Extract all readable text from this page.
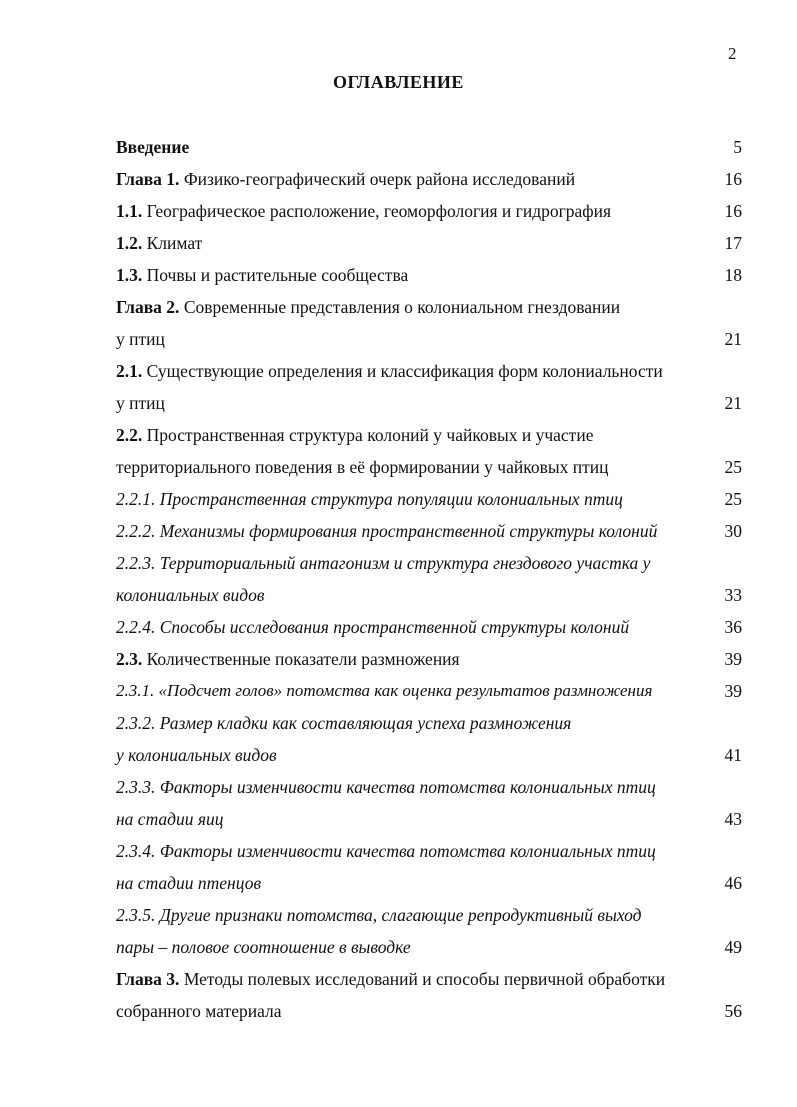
2
ОГЛАВЛЕНИЕ
Введение	5
Глава 1. Физико-географический очерк района исследований	16
1.1. Географическое расположение, геоморфология и гидрография	16
1.2. Климат	17
1.3. Почвы и растительные сообщества	18
Глава 2. Современные представления о колониальном гнездовании
у птиц	21
2.1. Существующие определения и классификация форм колониальности
у птиц	21
2.2. Пространственная структура колоний у чайковых и участие
территориального поведения в её формировании у чайковых птиц	25
2.2.1. Пространственная структура популяции колониальных птиц	25
2.2.2. Механизмы формирования пространственной структуры колоний	30
2.2.3. Территориальный антагонизм и структура гнездового участка у
колониальных видов	33
2.2.4. Способы исследования пространственной структуры колоний	36
2.3. Количественные показатели размножения	39
2.3.1. «Подсчет голов» потомства как оценка результатов размножения	39
2.3.2. Размер кладки как составляющая успеха размножения
у колониальных видов	41
2.3.3. Факторы изменчивости качества потомства колониальных птиц
на стадии яиц	43
2.3.4. Факторы изменчивости качества потомства колониальных птиц
на стадии птенцов	46
2.3.5. Другие признаки потомства, слагающие репродуктивный выход
пары – половое соотношение в выводке	49
Глава 3. Методы полевых исследований и способы первичной обработки
собранного материала	56
